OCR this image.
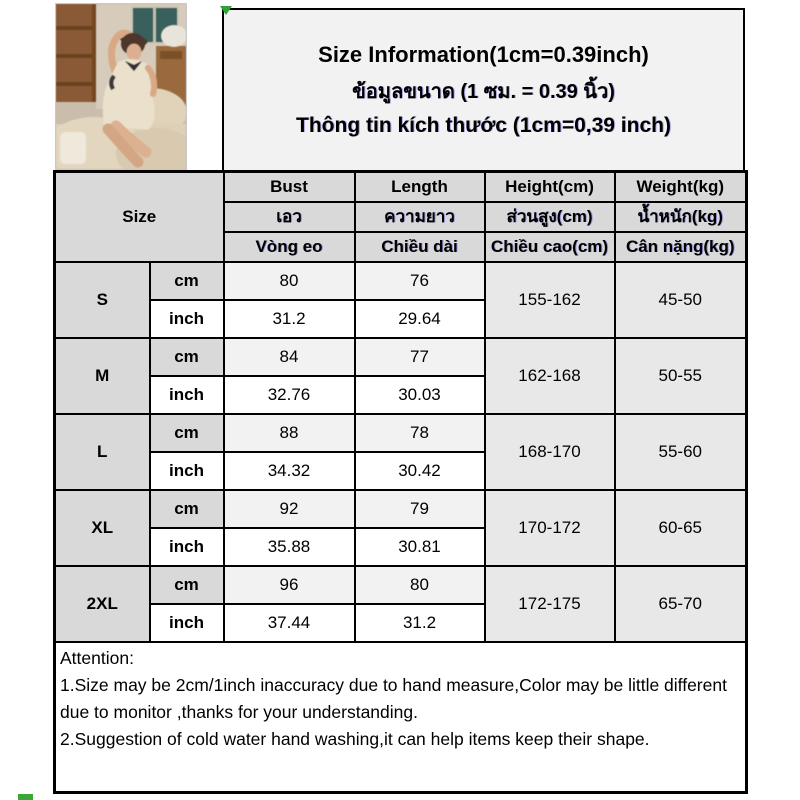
Size Information(1cm=0.39inch)
ข้อมูลขนาด (1 ซม. = 0.39 นิ้ว)
Thông tin kích thước (1cm=0,39 inch)
Size		Bust	Length	Height(cm)	Weight(kg)
		เอว	ความยาว	ส่วนสูง(cm)	น้ำหนัก(kg)
		Vòng eo	Chiều dài	Chiều cao(cm)	Cân nặng(kg)
S	cm	80	76	155-162	45-50
	inch	31.2	29.64		
M	cm	84	77	162-168	50-55
	inch	32.76	30.03		
L	cm	88	78	168-170	55-60
	inch	34.32	30.42		
XL	cm	92	79	170-172	60-65
	inch	35.88	30.81		
2XL	cm	96	80	172-175	65-70
	inch	37.44	31.2		

Attention:
1.Size may be 2cm/1inch inaccuracy due to hand measure,Color may be little different due to monitor ,thanks for your understanding.
2.Suggestion of cold water hand washing,it can help items keep their shape.					
